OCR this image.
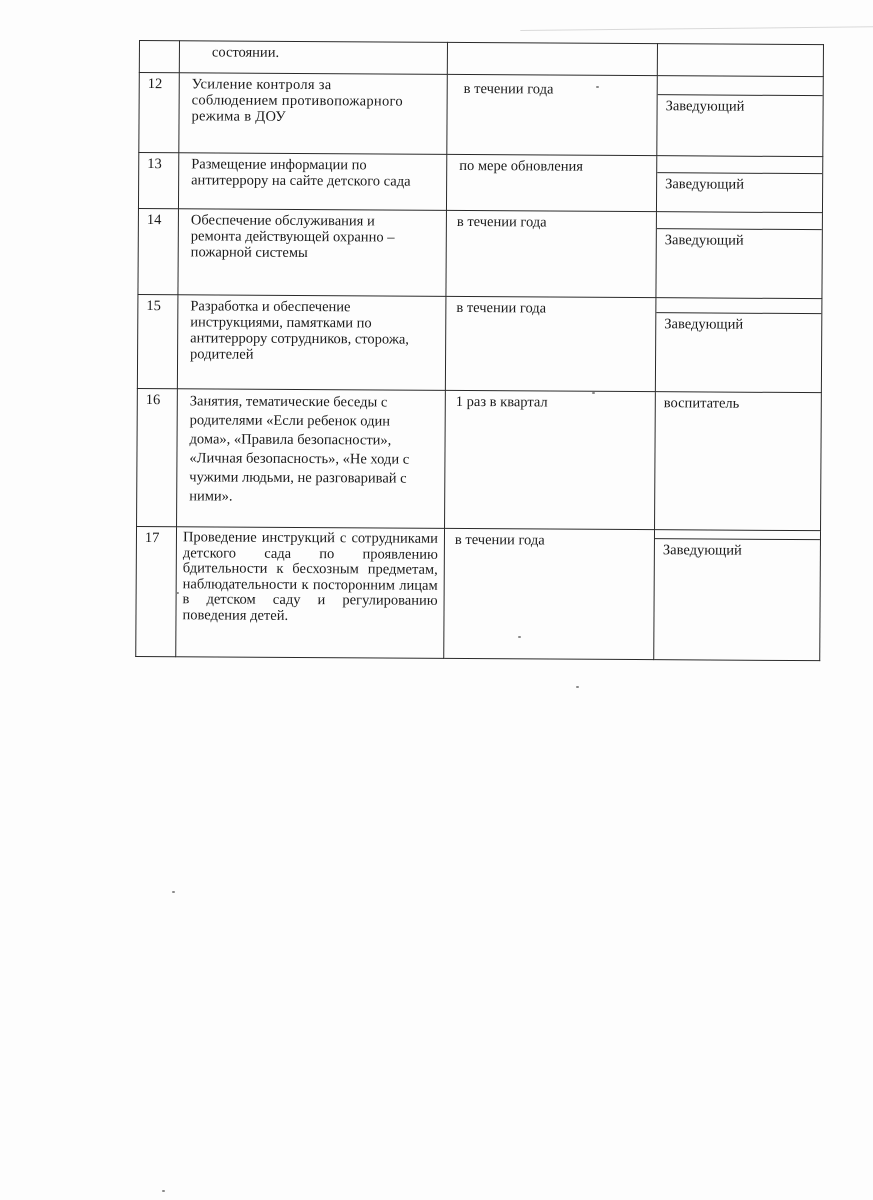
	состоянии.		

12	Усиление контроля за соблюдением противопожарного режима в ДОУ	в течении года	Заведующий

13	Размещение информации по антитеррору на сайте детского сада	по мере обновления	Заведующий

14	Обеспечение обслуживания и ремонта действующей охранно – пожарной системы	в течении года	Заведующий

15	Разработка и обеспечение инструкциями, памятками по антитеррору сотрудников, сторожа, родителей	в течении года	Заведующий

16	Занятия, тематические беседы с родителями «Если ребенок один дома», «Правила безопасности», «Личная безопасность», «Не ходи с чужими людьми, не разговаривай с ними».	1 раз в квартал	воспитатель

17	Проведение инструкций с сотрудниками детского сада по проявлению бдительности к бесхозным предметам, наблюдательности к посторонним лицам в детском саду и регулированию поведения детей.	в течении года	Заведующий
